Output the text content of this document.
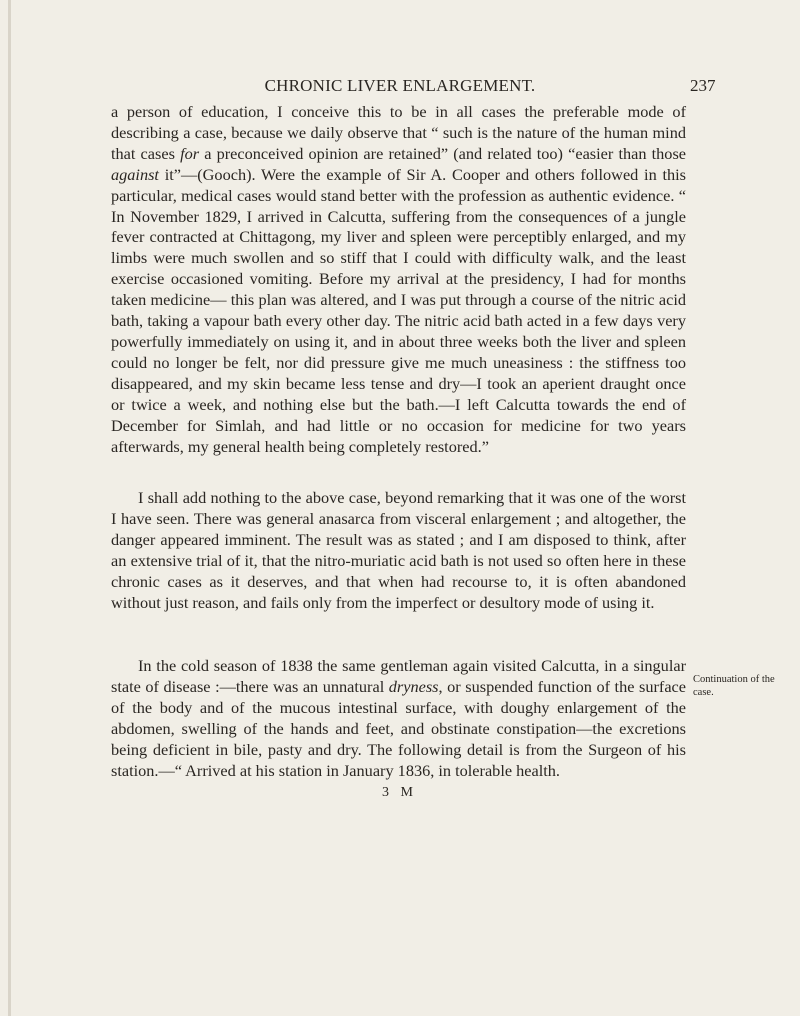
CHRONIC LIVER ENLARGEMENT.	237

a person of education, I conceive this to be in all cases the preferable mode of describing a case, because we daily observe that “ such is the nature of the human mind that cases for a preconceived opinion are retained” (and related too) “easier than those against it”—(Gooch). Were the example of Sir A. Cooper and others followed in this particular, medical cases would stand better with the profession as authentic evidence. “ In November 1829, I arrived in Calcutta, suffering from the consequences of a jungle fever contracted at Chittagong, my liver and spleen were perceptibly enlarged, and my limbs were much swollen and so stiff that I could with difficulty walk, and the least exercise occasioned vomiting. Before my arrival at the presidency, I had for months taken medicine— this plan was altered, and I was put through a course of the nitric acid bath, taking a vapour bath every other day. The nitric acid bath acted in a few days very powerfully immediately on using it, and in about three weeks both the liver and spleen could no longer be felt, nor did pressure give me much uneasiness : the stiffness too disappeared, and my skin became less tense and dry—I took an aperient draught once or twice a week, and nothing else but the bath.—I left Calcutta towards the end of December for Simlah, and had little or no occasion for medicine for two years afterwards, my general health being completely restored.”

I shall add nothing to the above case, beyond remarking that it was one of the worst I have seen. There was general anasarca from visceral enlargement ; and altogether, the danger appeared imminent. The result was as stated ; and I am disposed to think, after an extensive trial of it, that the nitro-muriatic acid bath is not used so often here in these chronic cases as it deserves, and that when had recourse to, it is often abandoned without just reason, and fails only from the imperfect or desultory mode of using it.

In the cold season of 1838 the same gentleman again visited Calcutta, in a singular state of disease :—there was an unnatural dryness, or suspended function of the surface of the body and of the mucous intestinal surface, with doughy enlargement of the abdomen, swelling of the hands and feet, and obstinate constipation—the excretions being deficient in bile, pasty and dry. The following detail is from the Surgeon of his station.—“ Arrived at his station in January 1836, in tolerable health.

Continuation of the case.
3 M
